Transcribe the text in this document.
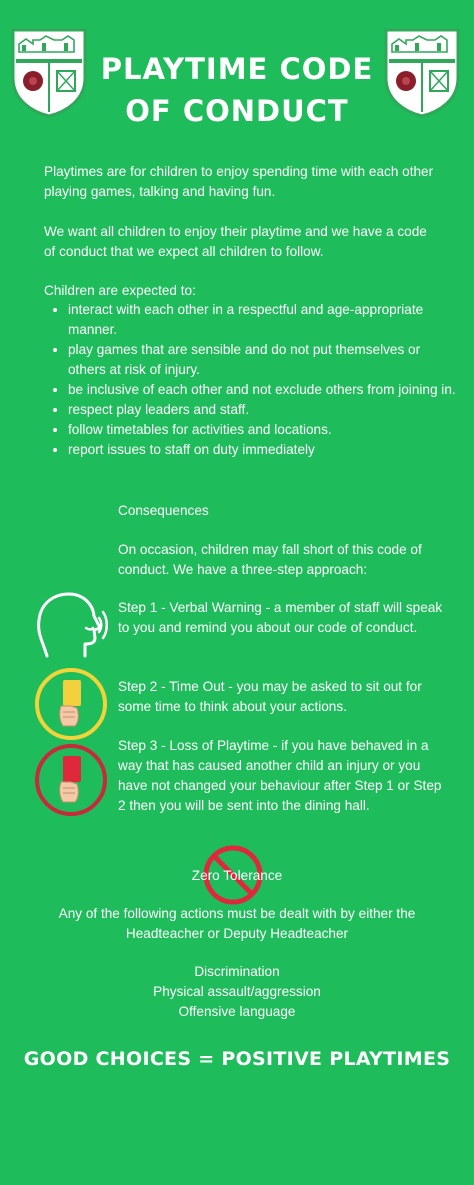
PLAYTIME CODE
OF CONDUCT
Playtimes are for children to enjoy spending time with each other playing games, talking and having fun.
We want all children to enjoy their playtime and we have a code of conduct that we expect all children to follow.
Children are expected to:
• interact with each other in a respectful and age-appropriate manner.
• play games that are sensible and do not put themselves or others at risk of injury.
• be inclusive of each other and not exclude others from joining in.
• respect play leaders and staff.
• follow timetables for activities and locations.
• report issues to staff on duty immediately
Consequences
On occasion, children may fall short of this code of conduct. We have a three-step approach:
Step 1 - Verbal Warning - a member of staff will speak to you and remind you about our code of conduct.
Step 2 - Time Out - you may be asked to sit out for some time to think about your actions.
Step 3 - Loss of Playtime - if you have behaved in a way that has caused another child an injury or you have not changed your behaviour after Step 1 or Step 2 then you will be sent into the dining hall.
Zero Tolerance
Any of the following actions must be dealt with by either the Headteacher or Deputy Headteacher
Discrimination
Physical assault/aggression
Offensive language
GOOD CHOICES = POSITIVE PLAYTIMES
